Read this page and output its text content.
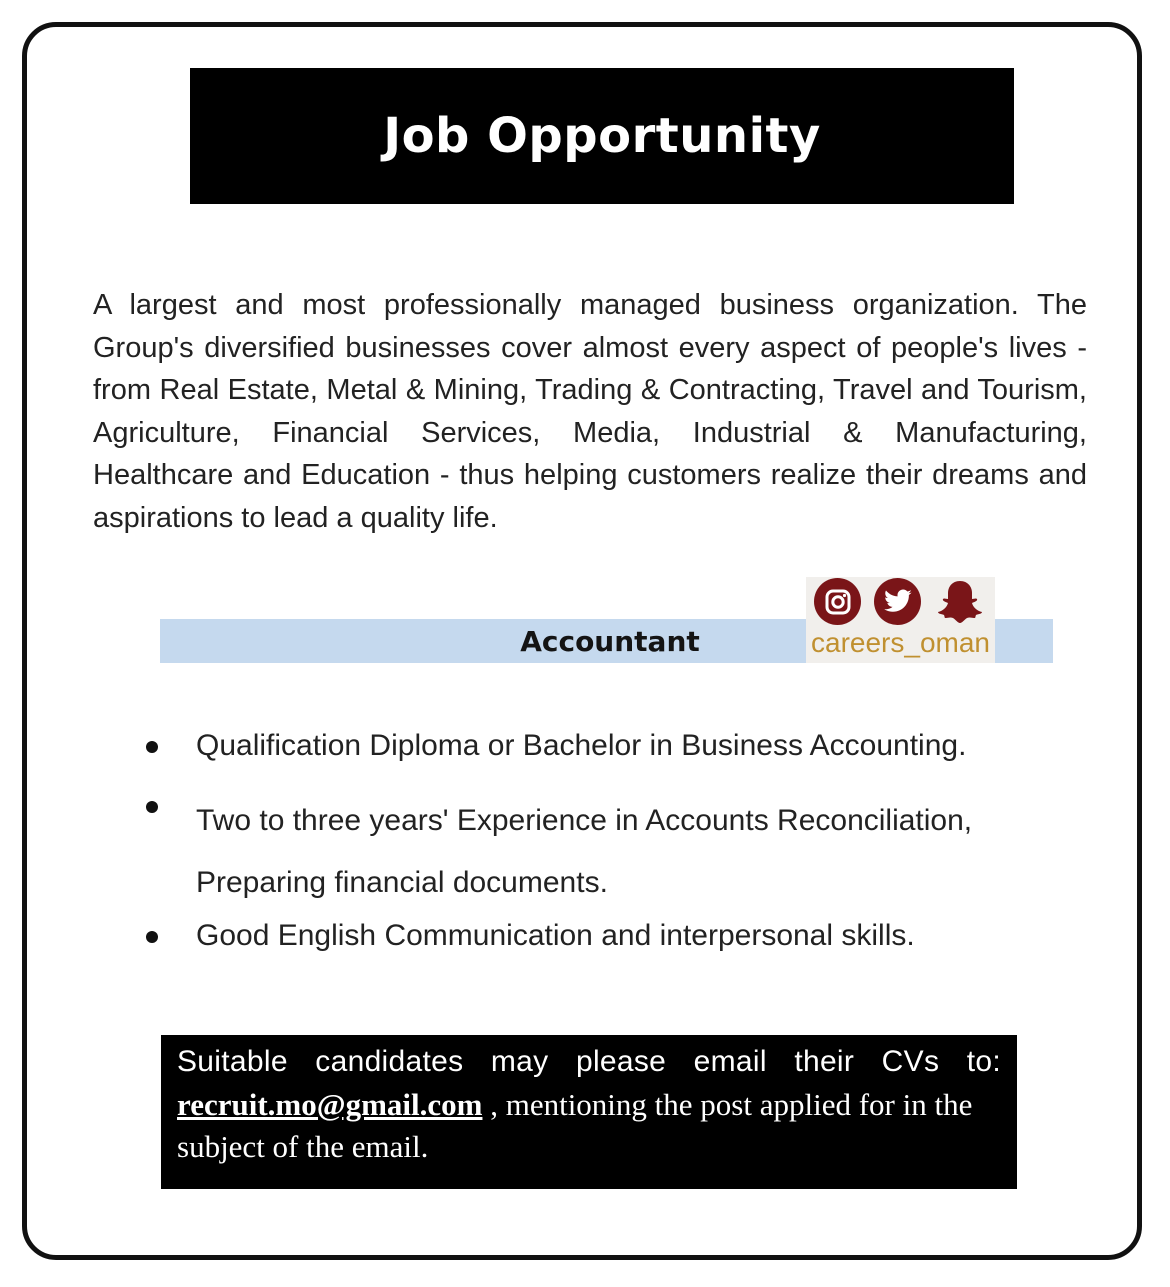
Job Opportunity

A largest and most professionally managed business organization. The Group's diversified businesses cover almost every aspect of people's lives - from Real Estate, Metal & Mining, Trading & Contracting, Travel and Tourism, Agriculture, Financial Services, Media, Industrial & Manufacturing, Healthcare and Education - thus helping customers realize their dreams and aspirations to lead a quality life.

Accountant	careers_oman
Qualification Diploma or Bachelor in Business Accounting.
Two to three years' Experience in Accounts Reconciliation, Preparing financial documents.
Good English Communication and interpersonal skills.
Suitable candidates may please email their CVs to:
recruit.mo@gmail.com , mentioning the post applied for in the subject of the email.
